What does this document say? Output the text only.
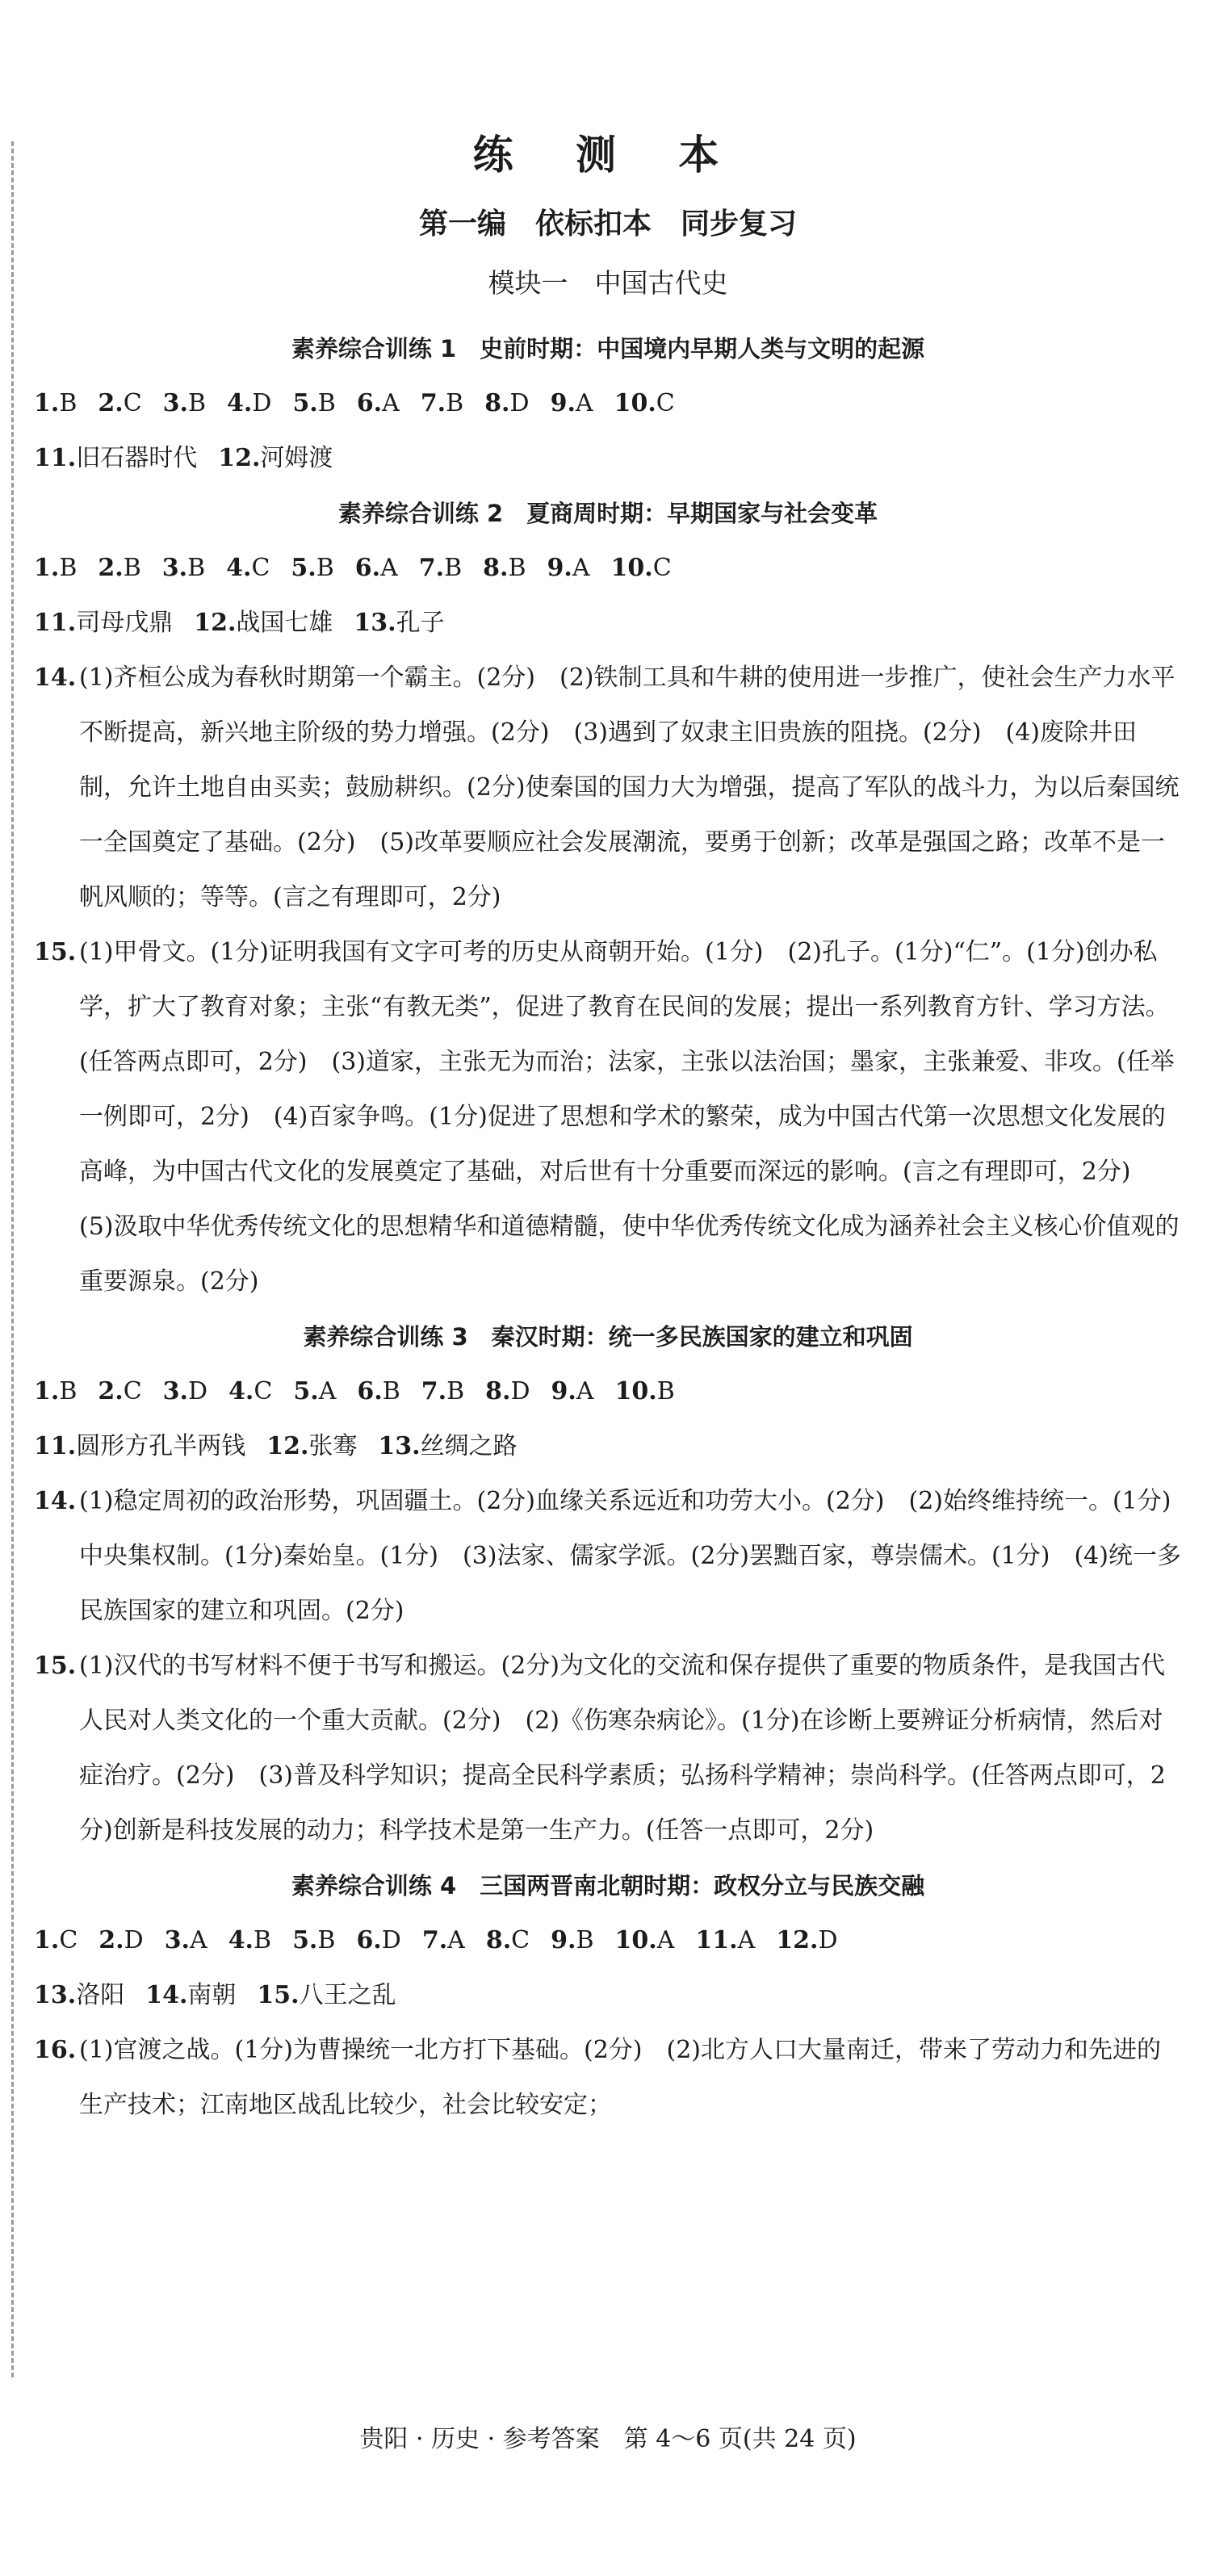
练 测 本
第一编　依标扣本　同步复习
模块一　中国古代史
素养综合训练 1　史前时期：中国境内早期人类与文明的起源
1.B 2.C 3.B 4.D 5.B 6.A 7.B 8.D 9.A 10.C
11.旧石器时代 12.河姆渡
素养综合训练 2　夏商周时期：早期国家与社会变革
1.B 2.B 3.B 4.C 5.B 6.A 7.B 8.B 9.A 10.C
11.司母戊鼎 12.战国七雄 13.孔子
14. (1)齐桓公成为春秋时期第一个霸主。(2分)　(2)铁制工具和牛耕的使用进一步推广，使社会生产力水平不断提高，新兴地主阶级的势力增强。(2分)　(3)遇到了奴隶主旧贵族的阻挠。(2分)　(4)废除井田制，允许土地自由买卖；鼓励耕织。(2分)使秦国的国力大为增强，提高了军队的战斗力，为以后秦国统一全国奠定了基础。(2分)　(5)改革要顺应社会发展潮流，要勇于创新；改革是强国之路；改革不是一帆风顺的；等等。(言之有理即可，2分)
15. (1)甲骨文。(1分)证明我国有文字可考的历史从商朝开始。(1分)　(2)孔子。(1分)“仁”。(1分)创办私学，扩大了教育对象；主张“有教无类”，促进了教育在民间的发展；提出一系列教育方针、学习方法。(任答两点即可，2分)　(3)道家，主张无为而治；法家，主张以法治国；墨家，主张兼爱、非攻。(任举一例即可，2分)　(4)百家争鸣。(1分)促进了思想和学术的繁荣，成为中国古代第一次思想文化发展的高峰，为中国古代文化的发展奠定了基础，对后世有十分重要而深远的影响。(言之有理即可，2分)　(5)汲取中华优秀传统文化的思想精华和道德精髓，使中华优秀传统文化成为涵养社会主义核心价值观的重要源泉。(2分)
素养综合训练 3　秦汉时期：统一多民族国家的建立和巩固
1.B 2.C 3.D 4.C 5.A 6.B 7.B 8.D 9.A 10.B
11.圆形方孔半两钱 12.张骞 13.丝绸之路
14. (1)稳定周初的政治形势，巩固疆土。(2分)血缘关系远近和功劳大小。(2分)　(2)始终维持统一。(1分)中央集权制。(1分)秦始皇。(1分)　(3)法家、儒家学派。(2分)罢黜百家，尊崇儒术。(1分)　(4)统一多民族国家的建立和巩固。(2分)
15. (1)汉代的书写材料不便于书写和搬运。(2分)为文化的交流和保存提供了重要的物质条件，是我国古代人民对人类文化的一个重大贡献。(2分)　(2)《伤寒杂病论》。(1分)在诊断上要辨证分析病情，然后对症治疗。(2分)　(3)普及科学知识；提高全民科学素质；弘扬科学精神；崇尚科学。(任答两点即可，2分)创新是科技发展的动力；科学技术是第一生产力。(任答一点即可，2分)
素养综合训练 4　三国两晋南北朝时期：政权分立与民族交融
1.C 2.D 3.A 4.B 5.B 6.D 7.A 8.C 9.B 10.A 11.A 12.D
13.洛阳 14.南朝 15.八王之乱
16. (1)官渡之战。(1分)为曹操统一北方打下基础。(2分)　(2)北方人口大量南迁，带来了劳动力和先进的生产技术；江南地区战乱比较少，社会比较安定；
贵阳 · 历史 · 参考答案　第 4～6 页(共 24 页)
